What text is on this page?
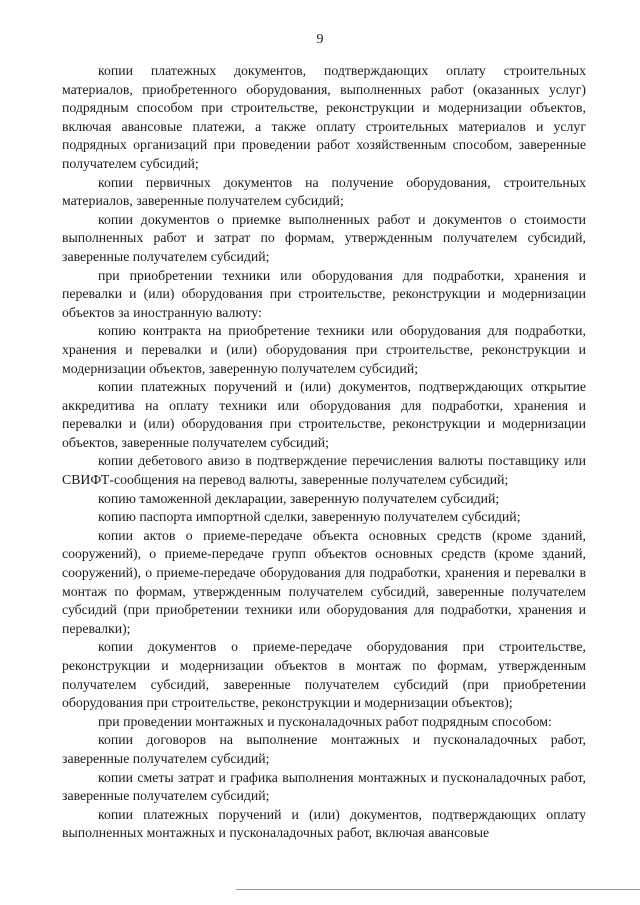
9

копии платежных документов, подтверждающих оплату строительных материалов, приобретенного оборудования, выполненных работ (оказанных услуг) подрядным способом при строительстве, реконструкции и модернизации объектов, включая авансовые платежи, а также оплату строительных материалов и услуг подрядных организаций при проведении работ хозяйственным способом, заверенные получателем субсидий;

копии первичных документов на получение оборудования, строительных материалов, заверенные получателем субсидий;

копии документов о приемке выполненных работ и документов о стоимости выполненных работ и затрат по формам, утвержденным получателем субсидий, заверенные получателем субсидий;

при приобретении техники или оборудования для подработки, хранения и перевалки и (или) оборудования при строительстве, реконструкции и модернизации объектов за иностранную валюту:

копию контракта на приобретение техники или оборудования для подработки, хранения и перевалки и (или) оборудования при строительстве, реконструкции и модернизации объектов, заверенную получателем субсидий;

копии платежных поручений и (или) документов, подтверждающих открытие аккредитива на оплату техники или оборудования для подработки, хранения и перевалки и (или) оборудования при строительстве, реконструкции и модернизации объектов, заверенные получателем субсидий;

копии дебетового авизо в подтверждение перечисления валюты поставщику или СВИФТ-сообщения на перевод валюты, заверенные получателем субсидий;

копию таможенной декларации, заверенную получателем субсидий;

копию паспорта импортной сделки, заверенную получателем субсидий;

копии актов о приеме-передаче объекта основных средств (кроме зданий, сооружений), о приеме-передаче групп объектов основных средств (кроме зданий, сооружений), о приеме-передаче оборудования для подработки, хранения и перевалки в монтаж по формам, утвержденным получателем субсидий, заверенные получателем субсидий (при приобретении техники или оборудования для подработки, хранения и перевалки);

копии документов о приеме-передаче оборудования при строительстве, реконструкции и модернизации объектов в монтаж по формам, утвержденным получателем субсидий, заверенные получателем субсидий (при приобретении оборудования при строительстве, реконструкции и модернизации объектов);

при проведении монтажных и пусконаладочных работ подрядным способом:

копии договоров на выполнение монтажных и пусконаладочных работ, заверенные получателем субсидий;

копии сметы затрат и графика выполнения монтажных и пусконаладочных работ, заверенные получателем субсидий;

копии платежных поручений и (или) документов, подтверждающих оплату выполненных монтажных и пусконаладочных работ, включая авансовые
